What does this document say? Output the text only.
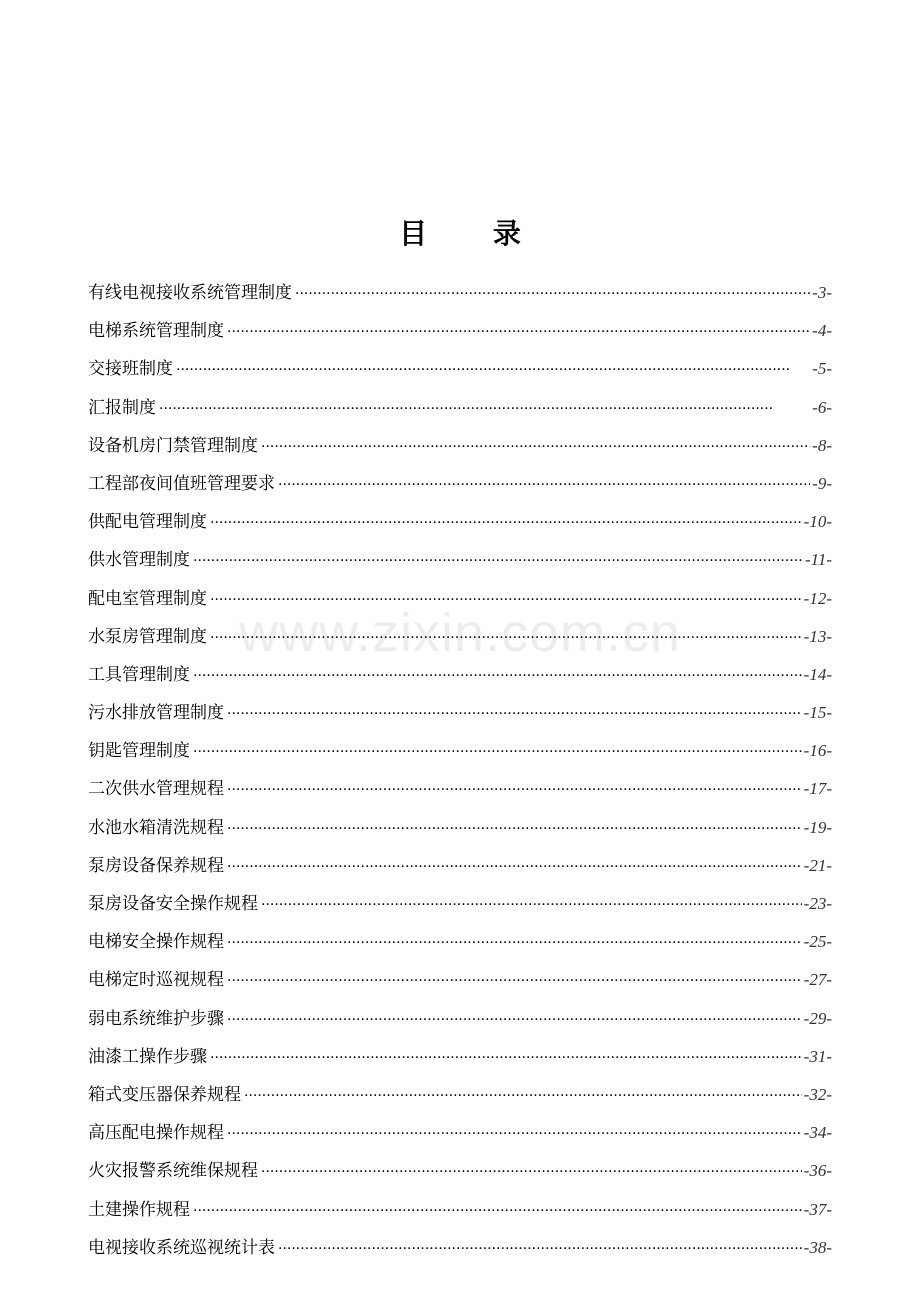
目 录
有线电视接收系统管理制度 ·····	-3-
电梯系统管理制度 ·····	-4-
交接班制度 ·····	-5-
汇报制度 ·····	-6-
设备机房门禁管理制度 ·····	-8-
工程部夜间值班管理要求 ·····	-9-
供配电管理制度 ·····	-10-
供水管理制度 ·····	-11-
配电室管理制度 ·····	-12-
水泵房管理制度 ·····	-13-
工具管理制度 ·····	-14-
污水排放管理制度 ·····	-15-
钥匙管理制度 ·····	-16-
二次供水管理规程 ·····	-17-
水池水箱清洗规程 ·····	-19-
泵房设备保养规程 ·····	-21-
泵房设备安全操作规程 ·····	-23-
电梯安全操作规程 ·····	-25-
电梯定时巡视规程 ·····	-27-
弱电系统维护步骤 ·····	-29-
油漆工操作步骤 ·····	-31-
箱式变压器保养规程 ·····	-32-
高压配电操作规程 ·····	-34-
火灾报警系统维保规程 ·····	-36-
土建操作规程 ·····	-37-
电视接收系统巡视统计表 ·····	-38-
www.zixin.com.cn
